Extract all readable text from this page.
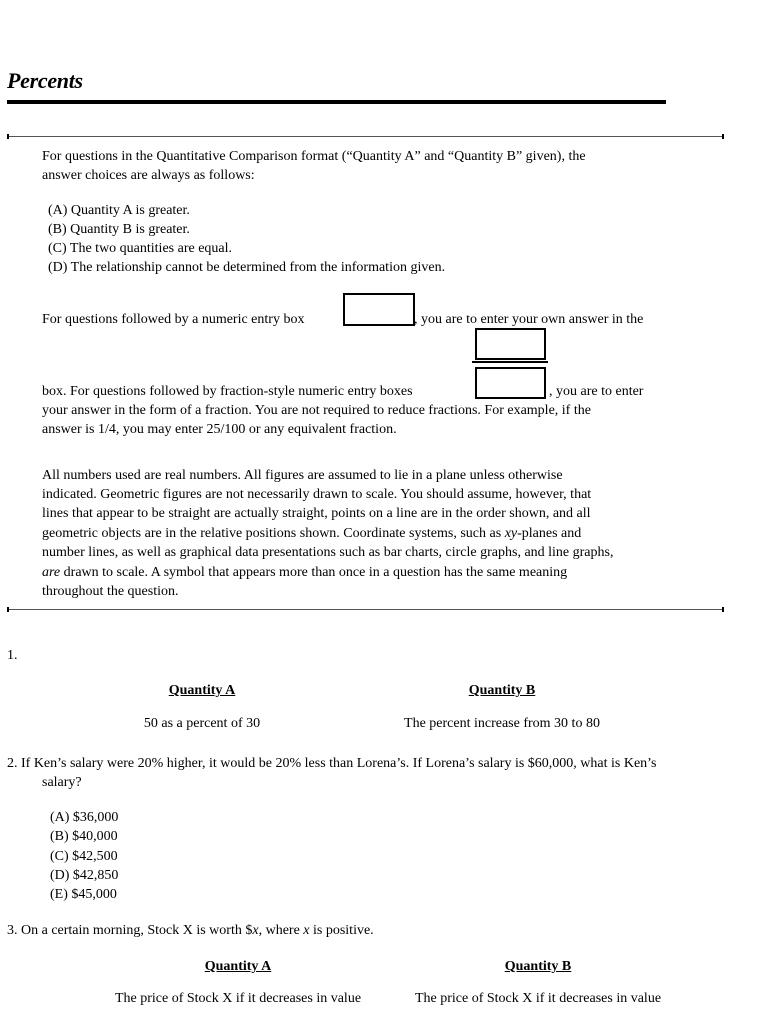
Percents
For questions in the Quantitative Comparison format (“Quantity A” and “Quantity B” given), the
answer choices are always as follows:
(A) Quantity A is greater.
(B) Quantity B is greater.
(C) The two quantities are equal.
(D) The relationship cannot be determined from the information given.
For questions followed by a numeric entry box	, you are to enter your own answer in the
box. For questions followed by fraction-style numeric entry boxes	, you are to enter
your answer in the form of a fraction. You are not required to reduce fractions. For example, if the
answer is 1/4, you may enter 25/100 or any equivalent fraction.
All numbers used are real numbers. All figures are assumed to lie in a plane unless otherwise
indicated. Geometric figures are not necessarily drawn to scale. You should assume, however, that
lines that appear to be straight are actually straight, points on a line are in the order shown, and all
geometric objects are in the relative positions shown. Coordinate systems, such as xy-planes and
number lines, as well as graphical data presentations such as bar charts, circle graphs, and line graphs,
are drawn to scale. A symbol that appears more than once in a question has the same meaning
throughout the question.
1.
Quantity A	Quantity B
50 as a percent of 30	The percent increase from 30 to 80
2. If Ken’s salary were 20% higher, it would be 20% less than Lorena’s. If Lorena’s salary is $60,000, what is Ken’s
salary?
(A) $36,000
(B) $40,000
(C) $42,500
(D) $42,850
(E) $45,000
3. On a certain morning, Stock X is worth $x, where x is positive.
Quantity A	Quantity B
The price of Stock X if it decreases in value	The price of Stock X if it decreases in value
